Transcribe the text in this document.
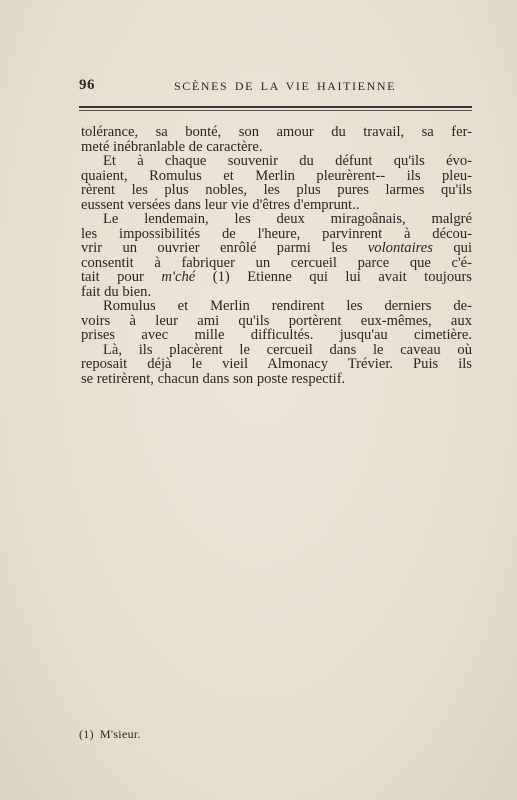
96	SCÈNES DE LA VIE HAITIENNE
tolérance, sa bonté, son amour du travail, sa fer-
meté inébranlable de caractère.
Et à chaque souvenir du défunt qu'ils évo-
quaient, Romulus et Merlin pleurèrent-- ils pleu-
rèrent les plus nobles, les plus pures larmes qu'ils
eussent versées dans leur vie d'êtres d'emprunt..
Le lendemain, les deux miragoânais, malgré
les impossibilités de l'heure, parvinrent à décou-
vrir un ouvrier enrôlé parmi les volontaires qui
consentit à fabriquer un cercueil parce que c'é-
tait pour m'ché (1) Etienne qui lui avait toujours
fait du bien.
Romulus et Merlin rendirent les derniers de-
voirs à leur ami qu'ils portèrent eux-mêmes, aux
prises avec mille difficultés. jusqu'au cimetière.
Là, ils placèrent le cercueil dans le caveau où
reposait déjà le vieil Almonacy Trévier. Puis ils
se retirèrent, chacun dans son poste respectif.
(1) M'sieur.
